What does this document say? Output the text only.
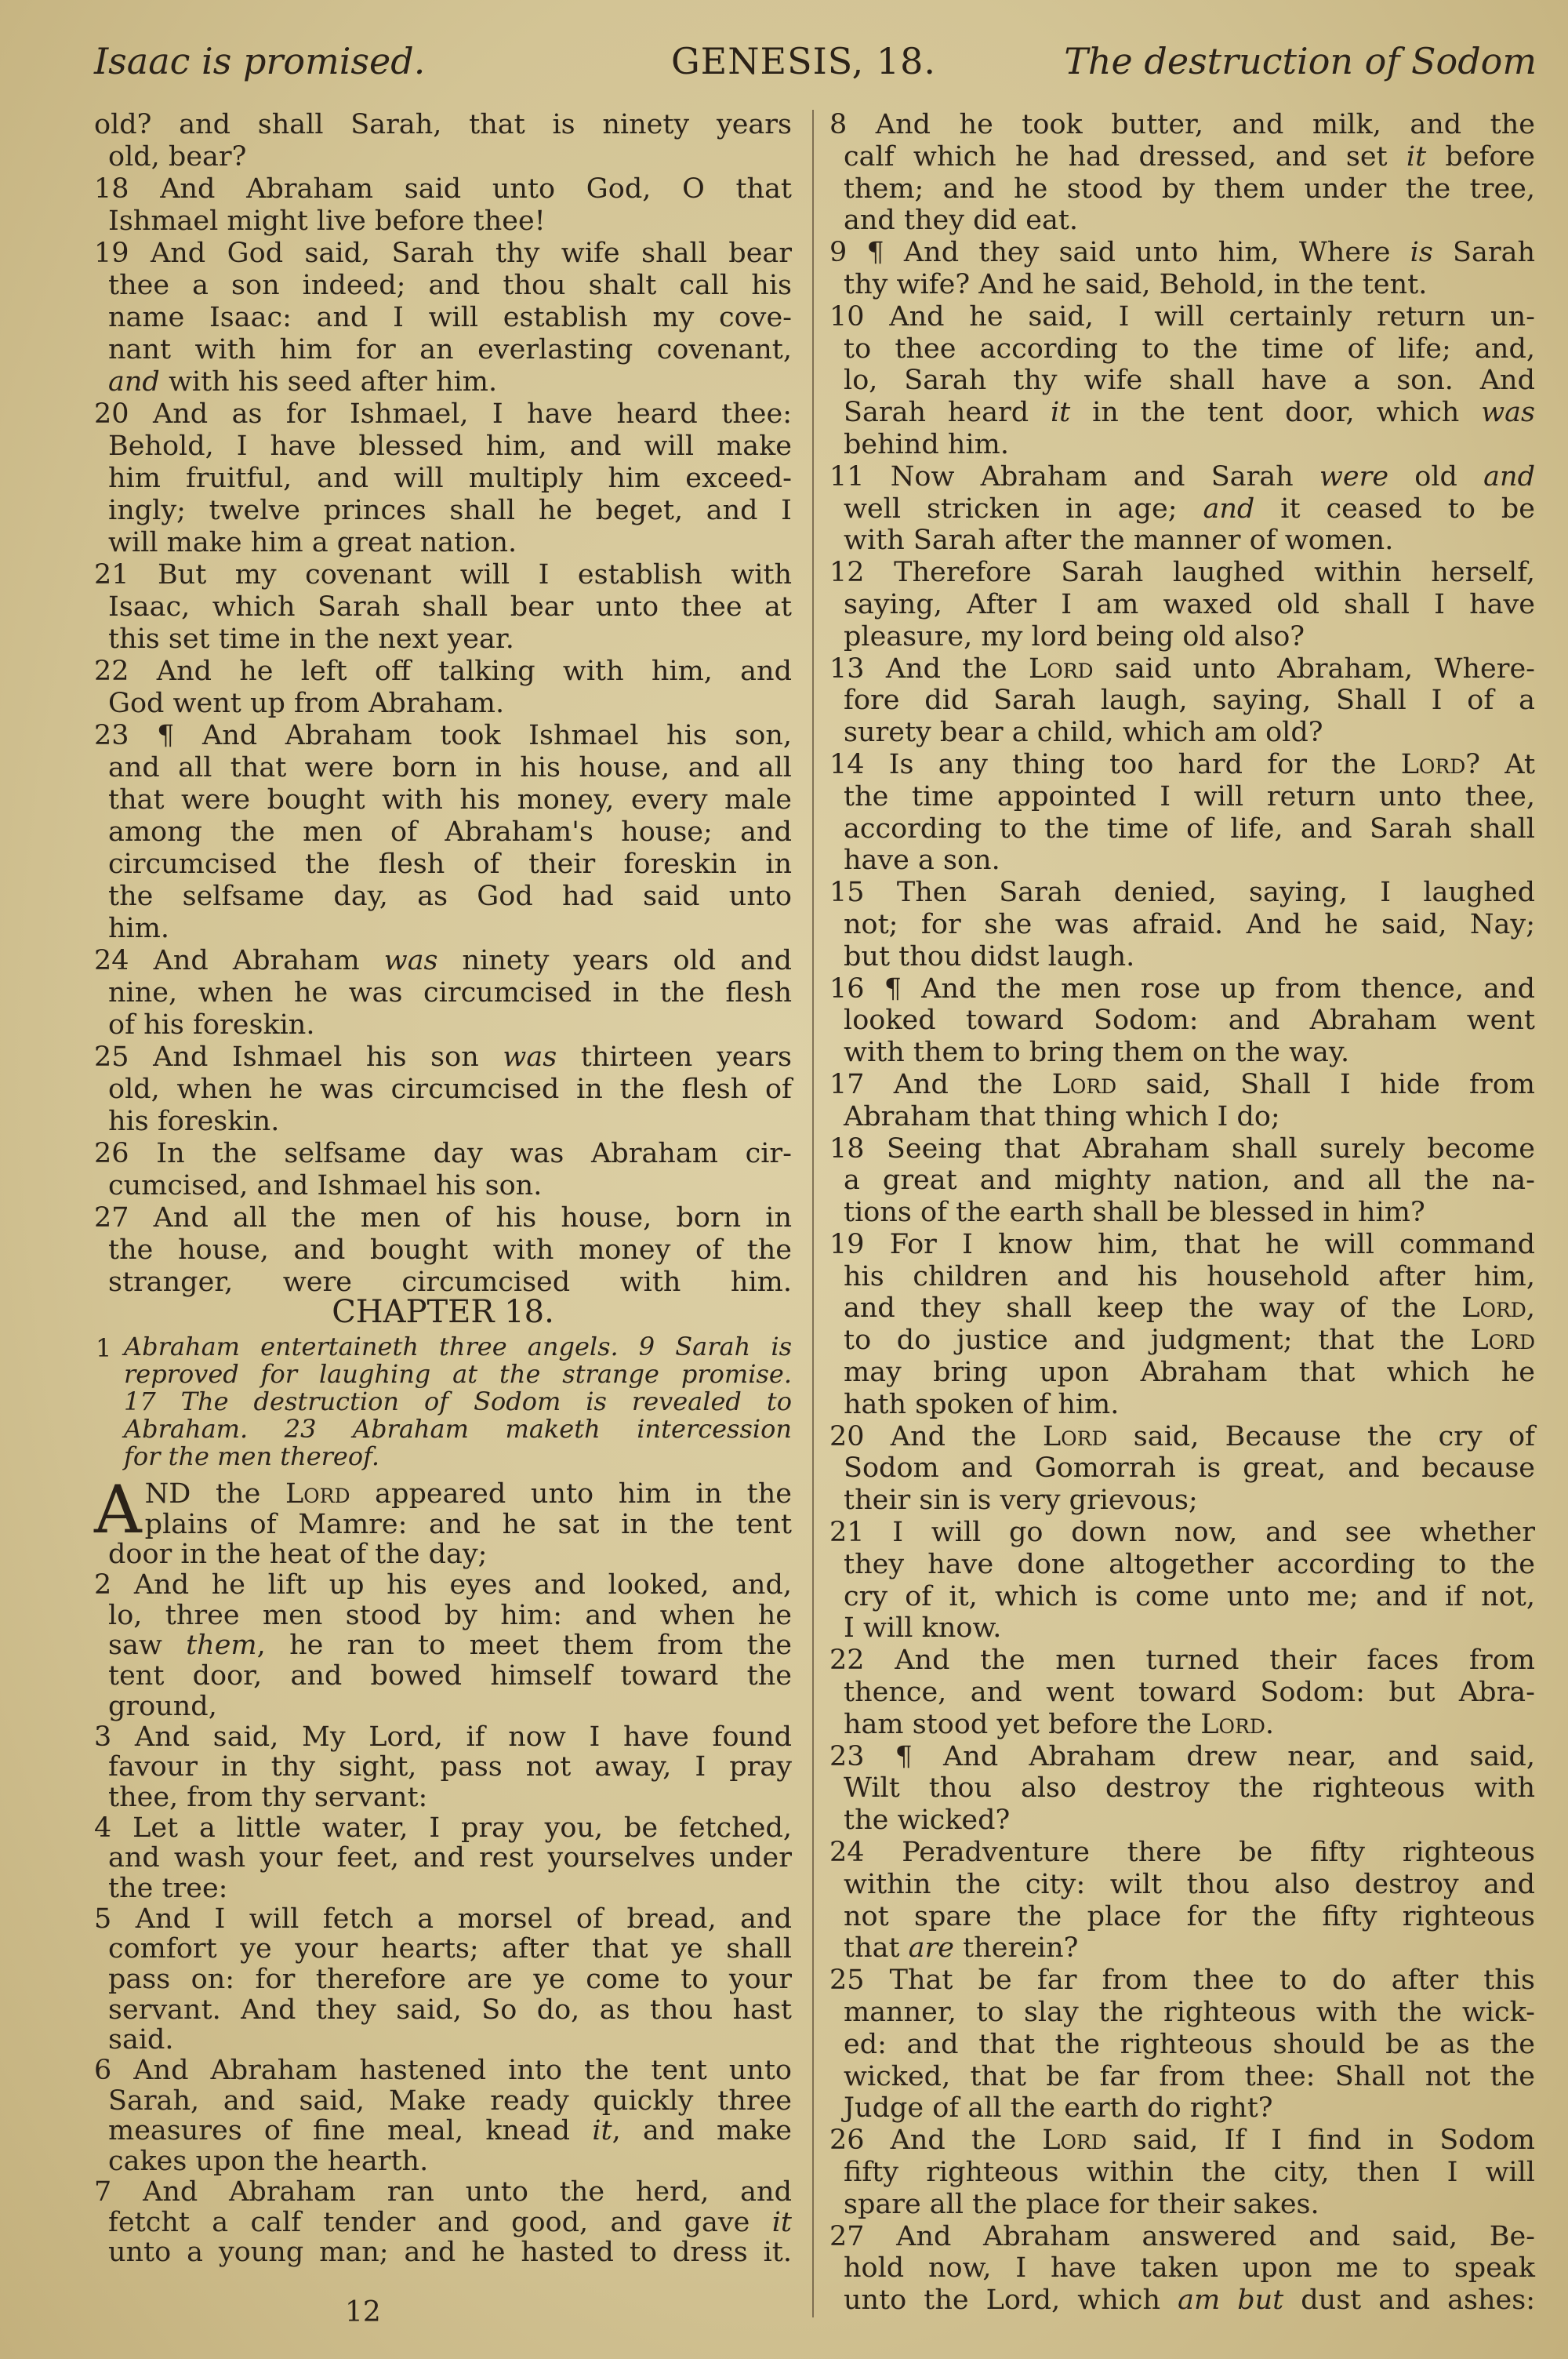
Isaac is promised.	GENESIS, 18.	The destruction of Sodom
old? and shall Sarah, that is ninety years
old, bear?
18 And Abraham said unto God, O that
Ishmael might live before thee!
19 And God said, Sarah thy wife shall bear
thee a son indeed; and thou shalt call his
name Isaac: and I will establish my cove-
nant with him for an everlasting covenant,
and with his seed after him.
20 And as for Ishmael, I have heard thee:
Behold, I have blessed him, and will make
him fruitful, and will multiply him exceed-
ingly; twelve princes shall he beget, and I
will make him a great nation.
21 But my covenant will I establish with
Isaac, which Sarah shall bear unto thee at
this set time in the next year.
22 And he left off talking with him, and
God went up from Abraham.
23 ¶ And Abraham took Ishmael his son,
and all that were born in his house, and all
that were bought with his money, every male
among the men of Abraham's house; and
circumcised the flesh of their foreskin in
the selfsame day, as God had said unto
him.
24 And Abraham was ninety years old and
nine, when he was circumcised in the flesh
of his foreskin.
25 And Ishmael his son was thirteen years
old, when he was circumcised in the flesh of
his foreskin.
26 In the selfsame day was Abraham cir-
cumcised, and Ishmael his son.
27 And all the men of his house, born in
the house, and bought with money of the
stranger, were circumcised with him.
CHAPTER 18.
1 Abraham entertaineth three angels. 9 Sarah is
reproved for laughing at the strange promise.
17 The destruction of Sodom is revealed to
Abraham. 23 Abraham maketh intercession
for the men thereof.
A ND the Lord appeared unto him in the
plains of Mamre: and he sat in the tent
door in the heat of the day;
2 And he lift up his eyes and looked, and,
lo, three men stood by him: and when he
saw them, he ran to meet them from the
tent door, and bowed himself toward the
ground,
3 And said, My Lord, if now I have found
favour in thy sight, pass not away, I pray
thee, from thy servant:
4 Let a little water, I pray you, be fetched,
and wash your feet, and rest yourselves under
the tree:
5 And I will fetch a morsel of bread, and
comfort ye your hearts; after that ye shall
pass on: for therefore are ye come to your
servant. And they said, So do, as thou hast
said.
6 And Abraham hastened into the tent unto
Sarah, and said, Make ready quickly three
measures of fine meal, knead it, and make
cakes upon the hearth.
7 And Abraham ran unto the herd, and
fetcht a calf tender and good, and gave it
unto a young man; and he hasted to dress it.
8 And he took butter, and milk, and the
calf which he had dressed, and set it before
them; and he stood by them under the tree,
and they did eat.
9 ¶ And they said unto him, Where is Sarah
thy wife? And he said, Behold, in the tent.
10 And he said, I will certainly return un-
to thee according to the time of life; and,
lo, Sarah thy wife shall have a son. And
Sarah heard it in the tent door, which was
behind him.
11 Now Abraham and Sarah were old and
well stricken in age; and it ceased to be
with Sarah after the manner of women.
12 Therefore Sarah laughed within herself,
saying, After I am waxed old shall I have
pleasure, my lord being old also?
13 And the Lord said unto Abraham, Where-
fore did Sarah laugh, saying, Shall I of a
surety bear a child, which am old?
14 Is any thing too hard for the Lord? At
the time appointed I will return unto thee,
according to the time of life, and Sarah shall
have a son.
15 Then Sarah denied, saying, I laughed
not; for she was afraid. And he said, Nay;
but thou didst laugh.
16 ¶ And the men rose up from thence, and
looked toward Sodom: and Abraham went
with them to bring them on the way.
17 And the Lord said, Shall I hide from
Abraham that thing which I do;
18 Seeing that Abraham shall surely become
a great and mighty nation, and all the na-
tions of the earth shall be blessed in him?
19 For I know him, that he will command
his children and his household after him,
and they shall keep the way of the Lord,
to do justice and judgment; that the Lord
may bring upon Abraham that which he
hath spoken of him.
20 And the Lord said, Because the cry of
Sodom and Gomorrah is great, and because
their sin is very grievous;
21 I will go down now, and see whether
they have done altogether according to the
cry of it, which is come unto me; and if not,
I will know.
22 And the men turned their faces from
thence, and went toward Sodom: but Abra-
ham stood yet before the Lord.
23 ¶ And Abraham drew near, and said,
Wilt thou also destroy the righteous with
the wicked?
24 Peradventure there be fifty righteous
within the city: wilt thou also destroy and
not spare the place for the fifty righteous
that are therein?
25 That be far from thee to do after this
manner, to slay the righteous with the wick-
ed: and that the righteous should be as the
wicked, that be far from thee: Shall not the
Judge of all the earth do right?
26 And the Lord said, If I find in Sodom
fifty righteous within the city, then I will
spare all the place for their sakes.
27 And Abraham answered and said, Be-
hold now, I have taken upon me to speak
unto the Lord, which am but dust and ashes:
12
